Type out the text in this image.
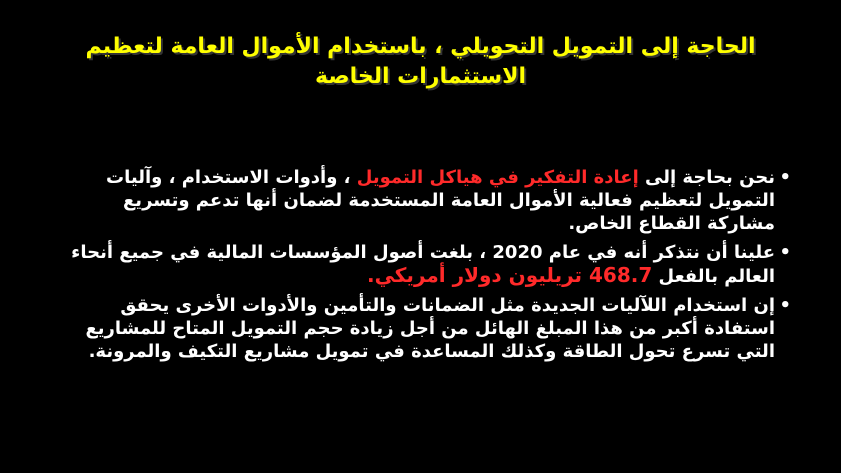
الحاجة إلى التمويل التحويلي ، باستخدام الأموال العامة لتعظيم الاستثمارات الخاصة
•
نحن بحاجة إلى إعادة التفكير في هياكل التمويل ، وأدوات الاستخدام ، وآليات التمويل لتعظيم فعالية الأموال العامة المستخدمة لضمان أنها تدعم وتسريع مشاركة القطاع الخاص.
•
علينا أن نتذكر أنه في عام 2020 ، بلغت أصول المؤسسات المالية في جميع أنحاء العالم بالفعل 468.7 تريليون دولار أمريكي.
•
إن استخدام اللآليات الجديدة مثل الضمانات والتأمين والأدوات الأخرى يحقق استفادة أكبر من هذا المبلغ الهائل من أجل زيادة حجم التمويل المتاح للمشاريع التي تسرع تحول الطاقة وكذلك المساعدة في تمويل مشاريع التكيف والمرونة.
